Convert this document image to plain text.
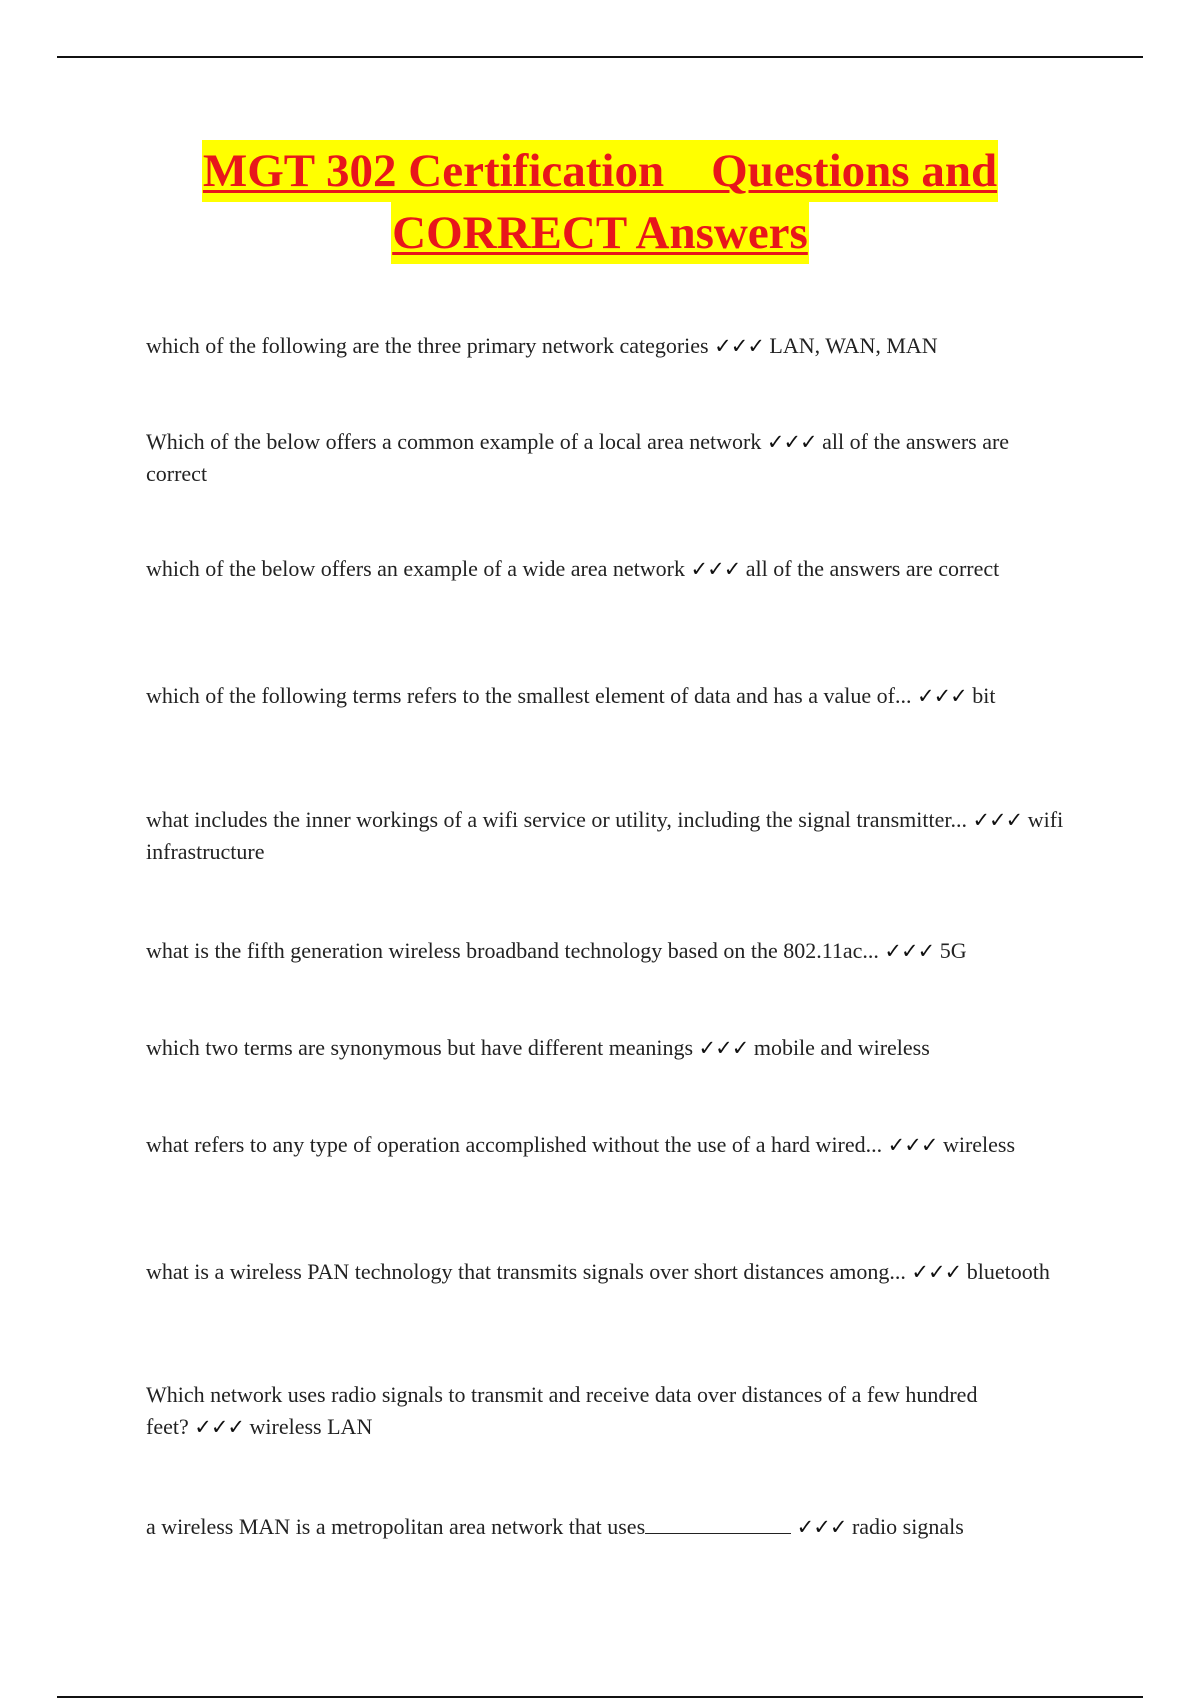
MGT 302 Certification    Questions and
CORRECT Answers

which of the following are the three primary network categories ✓✓✓ LAN, WAN, MAN

Which of the below offers a common example of a local area network ✓✓✓ all of the answers are correct

which of the below offers an example of a wide area network ✓✓✓ all of the answers are correct

which of the following terms refers to the smallest element of data and has a value of... ✓✓✓ bit

what includes the inner workings of a wifi service or utility, including the signal transmitter... ✓✓✓ wifi infrastructure

what is the fifth generation wireless broadband technology based on the 802.11ac... ✓✓✓ 5G

which two terms are synonymous but have different meanings ✓✓✓ mobile and wireless

what refers to any type of operation accomplished without the use of a hard wired... ✓✓✓ wireless

what is a wireless PAN technology that transmits signals over short distances among... ✓✓✓ bluetooth

Which network uses radio signals to transmit and receive data over distances of a few hundred feet? ✓✓✓ wireless LAN

a wireless MAN is a metropolitan area network that uses	✓✓✓ radio signals
